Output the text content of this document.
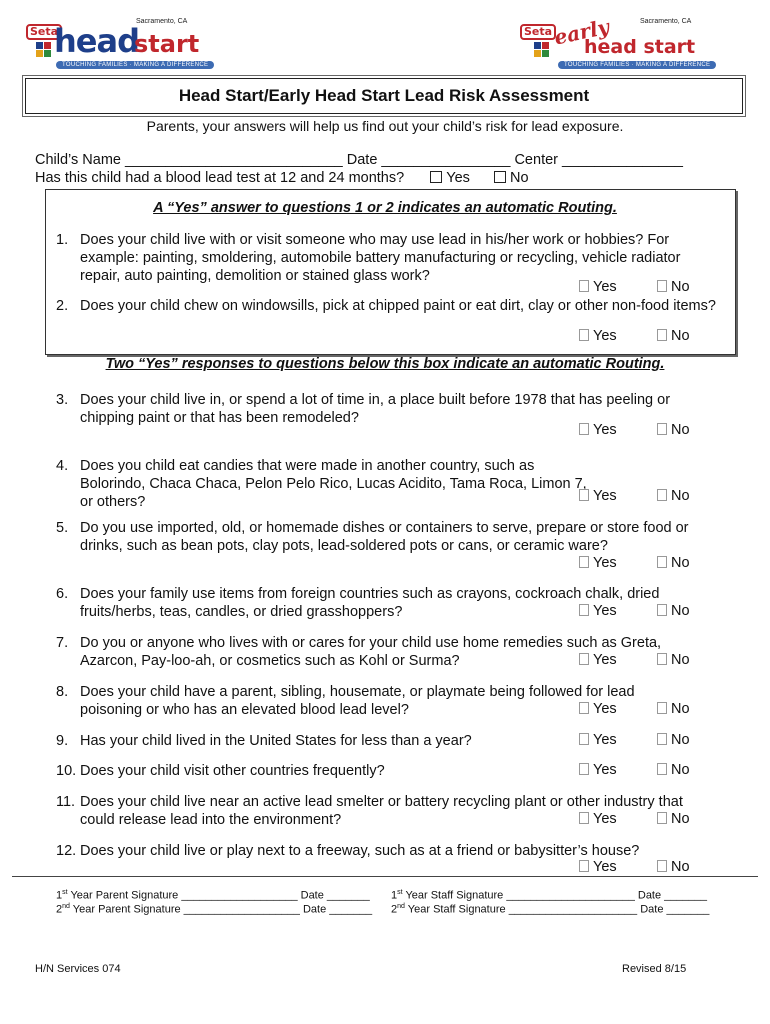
Seta
Sacramento, CA
head
start
TOUCHING FAMILIES · MAKING A DIFFERENCE
Seta
Sacramento, CA
early
head start
TOUCHING FAMILIES · MAKING A DIFFERENCE
Head Start/Early Head Start Lead Risk Assessment
Parents, your answers will help us find out your child’s risk for lead exposure.
Child’s Name ___________________________ Date ________________ Center _______________
Has this child had a blood lead test at 12 and 24 months?	Yes	No
A “Yes” answer to questions 1 or 2 indicates an automatic Routing.
1. Does your child live with or visit someone who may use lead in his/her work or hobbies? For example: painting, smoldering, automobile battery manufacturing or recycling, vehicle radiator repair, auto painting, demolition or stained glass work?
Yes	No
2. Does your child chew on windowsills, pick at chipped paint or eat dirt, clay or other non-food items?
Yes	No
Two “Yes” responses to questions below this box indicate an automatic Routing.
3. Does your child live in, or spend a lot of time in, a place built before 1978 that has peeling or chipping paint or that has been remodeled?
Yes	No
4. Does you child eat candies that were made in another country, such as Bolorindo, Chaca Chaca, Pelon Pelo Rico, Lucas Acidito, Tama Roca, Limon 7, or others?	Yes	No
5. Do you use imported, old, or homemade dishes or containers to serve, prepare or store food or drinks, such as bean pots, clay pots, lead-soldered pots or cans, or ceramic ware?
Yes	No
6. Does your family use items from foreign countries such as crayons, cockroach chalk, dried fruits/herbs, teas, candles, or dried grasshoppers?	Yes	No
7. Do you or anyone who lives with or cares for your child use home remedies such as Greta, Azarcon, Pay-loo-ah, or cosmetics such as Kohl or Surma?	Yes	No
8. Does your child have a parent, sibling, housemate, or playmate being followed for lead poisoning or who has an elevated blood lead level?	Yes	No
9. Has your child lived in the United States for less than a year?	Yes	No
10. Does your child visit other countries frequently?	Yes	No
11. Does your child live near an active lead smelter or battery recycling plant or other industry that could release lead into the environment?	Yes	No
12. Does your child live or play next to a freeway, such as at a friend or babysitter’s house?
Yes	No
1st Year Parent Signature ___________________ Date _______ 1st Year Staff Signature _____________________ Date _______
2nd Year Parent Signature ___________________ Date _______ 2nd Year Staff Signature _____________________ Date _______
H/N Services 074	Revised 8/15
